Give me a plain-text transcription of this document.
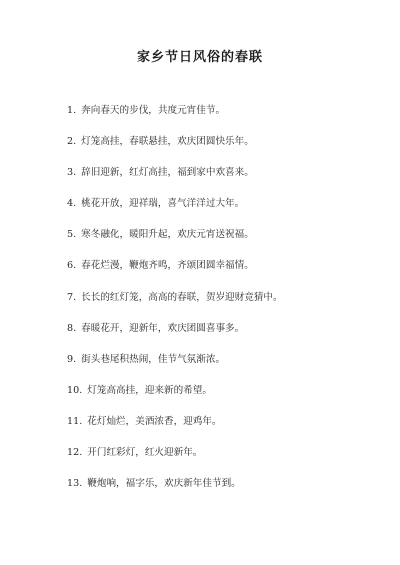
家乡节日风俗的春联
1. 奔向春天的步伐，共度元宵佳节。
2. 灯笼高挂，春联悬挂，欢庆团圆快乐年。
3. 辞旧迎新，红灯高挂，福到家中欢喜来。
4. 桃花开放，迎祥瑞，喜气洋洋过大年。
5. 寒冬融化，暖阳升起，欢庆元宵送祝福。
6. 春花烂漫，鞭炮齐鸣，齐颂团圆幸福情。
7. 长长的红灯笼，高高的春联，贺岁迎财竞猜中。
8. 春暖花开，迎新年，欢庆团圆喜事多。
9. 街头巷尾积热闹，佳节气氛渐浓。
10. 灯笼高高挂，迎来新的希望。
11. 花灯灿烂，美酒浓香，迎鸡年。
12. 开门红彩灯，红火迎新年。
13. 鞭炮响，福字乐，欢庆新年佳节到。
